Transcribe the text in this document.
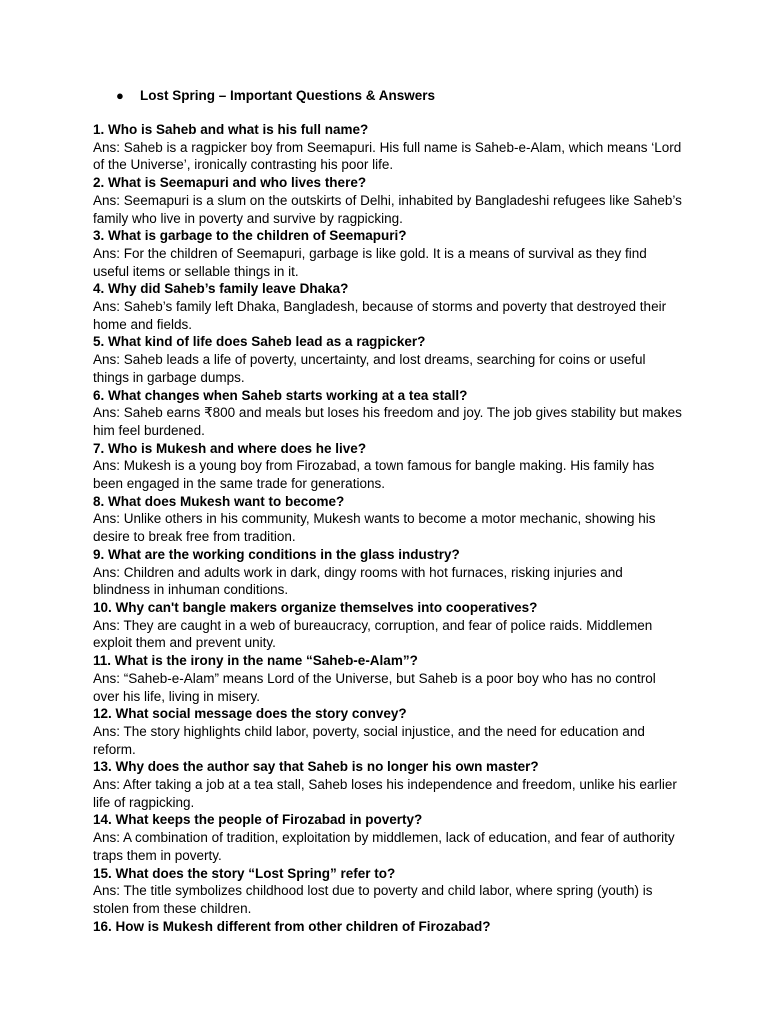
●	Lost Spring – Important Questions & Answers
1. Who is Saheb and what is his full name?
Ans: Saheb is a ragpicker boy from Seemapuri. His full name is Saheb-e-Alam, which means ‘Lord of the Universe’, ironically contrasting his poor life.
2. What is Seemapuri and who lives there?
Ans: Seemapuri is a slum on the outskirts of Delhi, inhabited by Bangladeshi refugees like Saheb’s family who live in poverty and survive by ragpicking.
3. What is garbage to the children of Seemapuri?
Ans: For the children of Seemapuri, garbage is like gold. It is a means of survival as they find useful items or sellable things in it.
4. Why did Saheb’s family leave Dhaka?
Ans: Saheb’s family left Dhaka, Bangladesh, because of storms and poverty that destroyed their home and fields.
5. What kind of life does Saheb lead as a ragpicker?
Ans: Saheb leads a life of poverty, uncertainty, and lost dreams, searching for coins or useful things in garbage dumps.
6. What changes when Saheb starts working at a tea stall?
Ans: Saheb earns ₹800 and meals but loses his freedom and joy. The job gives stability but makes him feel burdened.
7. Who is Mukesh and where does he live?
Ans: Mukesh is a young boy from Firozabad, a town famous for bangle making. His family has been engaged in the same trade for generations.
8. What does Mukesh want to become?
Ans: Unlike others in his community, Mukesh wants to become a motor mechanic, showing his desire to break free from tradition.
9. What are the working conditions in the glass industry?
Ans: Children and adults work in dark, dingy rooms with hot furnaces, risking injuries and blindness in inhuman conditions.
10. Why can't bangle makers organize themselves into cooperatives?
Ans: They are caught in a web of bureaucracy, corruption, and fear of police raids. Middlemen exploit them and prevent unity.
11. What is the irony in the name “Saheb-e-Alam”?
Ans: “Saheb-e-Alam” means Lord of the Universe, but Saheb is a poor boy who has no control over his life, living in misery.
12. What social message does the story convey?
Ans: The story highlights child labor, poverty, social injustice, and the need for education and reform.
13. Why does the author say that Saheb is no longer his own master?
Ans: After taking a job at a tea stall, Saheb loses his independence and freedom, unlike his earlier life of ragpicking.
14. What keeps the people of Firozabad in poverty?
Ans: A combination of tradition, exploitation by middlemen, lack of education, and fear of authority traps them in poverty.
15. What does the story “Lost Spring” refer to?
Ans: The title symbolizes childhood lost due to poverty and child labor, where spring (youth) is stolen from these children.
16. How is Mukesh different from other children of Firozabad?
